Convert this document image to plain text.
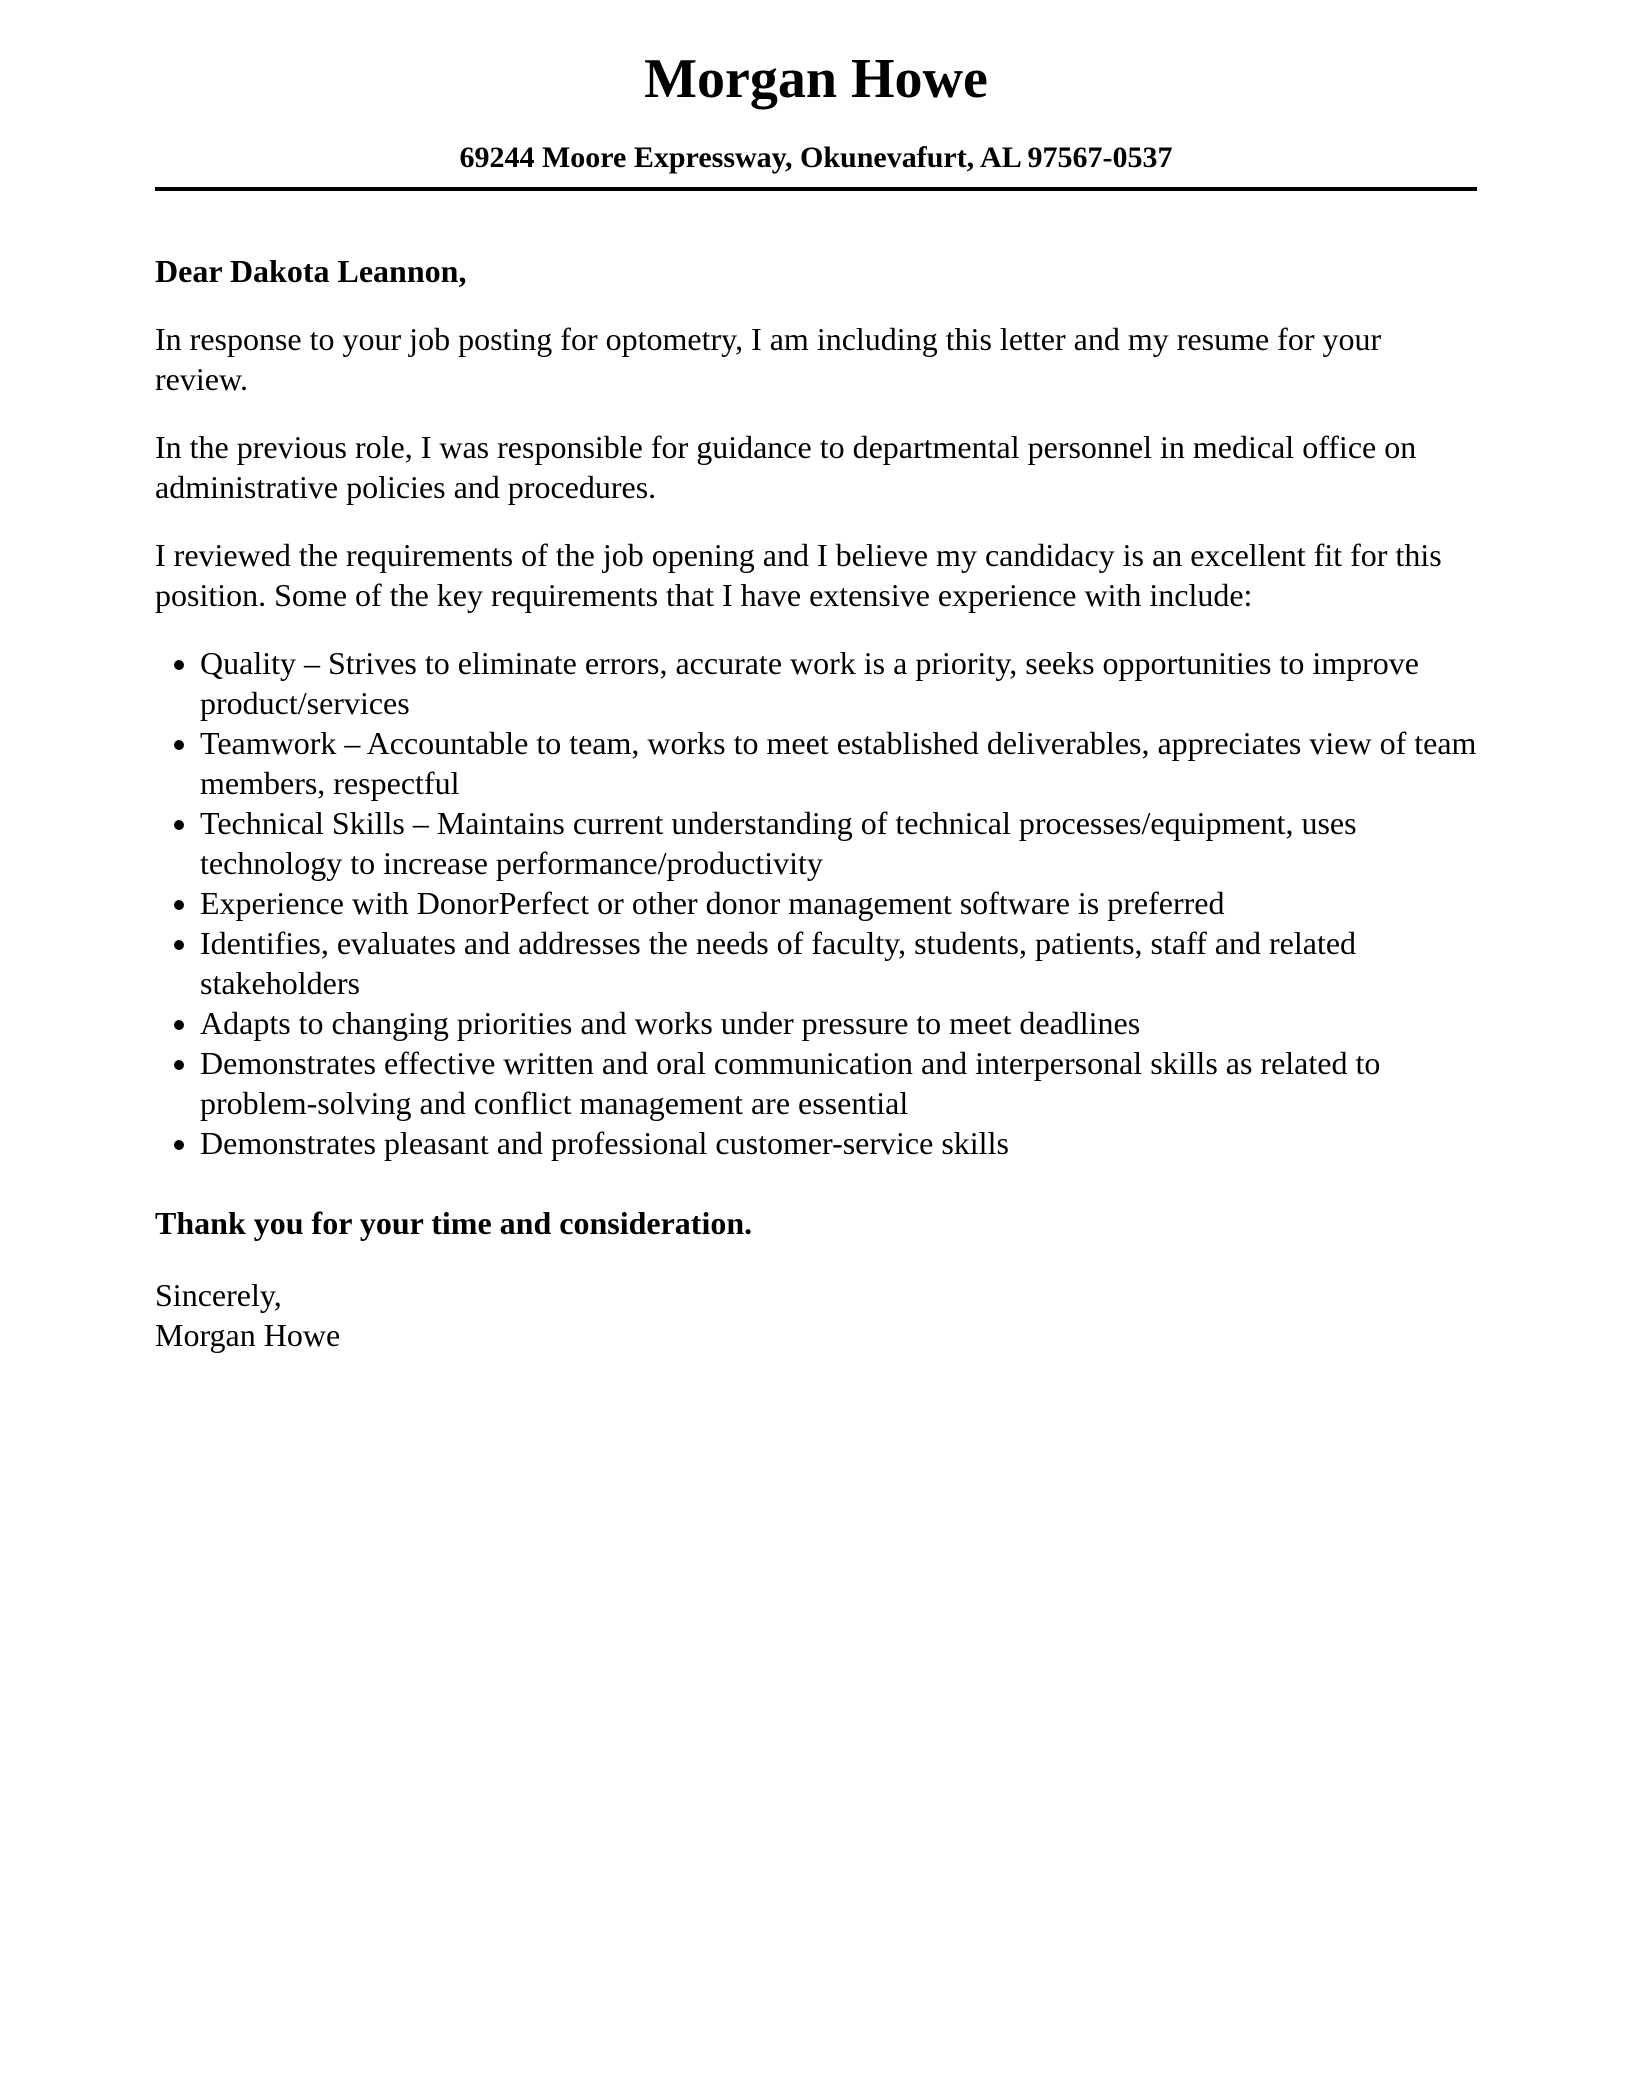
Morgan Howe
69244 Moore Expressway, Okunevafurt, AL 97567-0537
Dear Dakota Leannon,

In response to your job posting for optometry, I am including this letter and my resume for your review.

In the previous role, I was responsible for guidance to departmental personnel in medical office on administrative policies and procedures.

I reviewed the requirements of the job opening and I believe my candidacy is an excellent fit for this position. Some of the key requirements that I have extensive experience with include:

• Quality – Strives to eliminate errors, accurate work is a priority, seeks opportunities to improve product/services
• Teamwork – Accountable to team, works to meet established deliverables, appreciates view of team members, respectful
• Technical Skills – Maintains current understanding of technical processes/equipment, uses technology to increase performance/productivity
• Experience with DonorPerfect or other donor management software is preferred
• Identifies, evaluates and addresses the needs of faculty, students, patients, staff and related stakeholders
• Adapts to changing priorities and works under pressure to meet deadlines
• Demonstrates effective written and oral communication and interpersonal skills as related to problem-solving and conflict management are essential
• Demonstrates pleasant and professional customer-service skills
Thank you for your time and consideration.
Sincerely,
Morgan Howe
